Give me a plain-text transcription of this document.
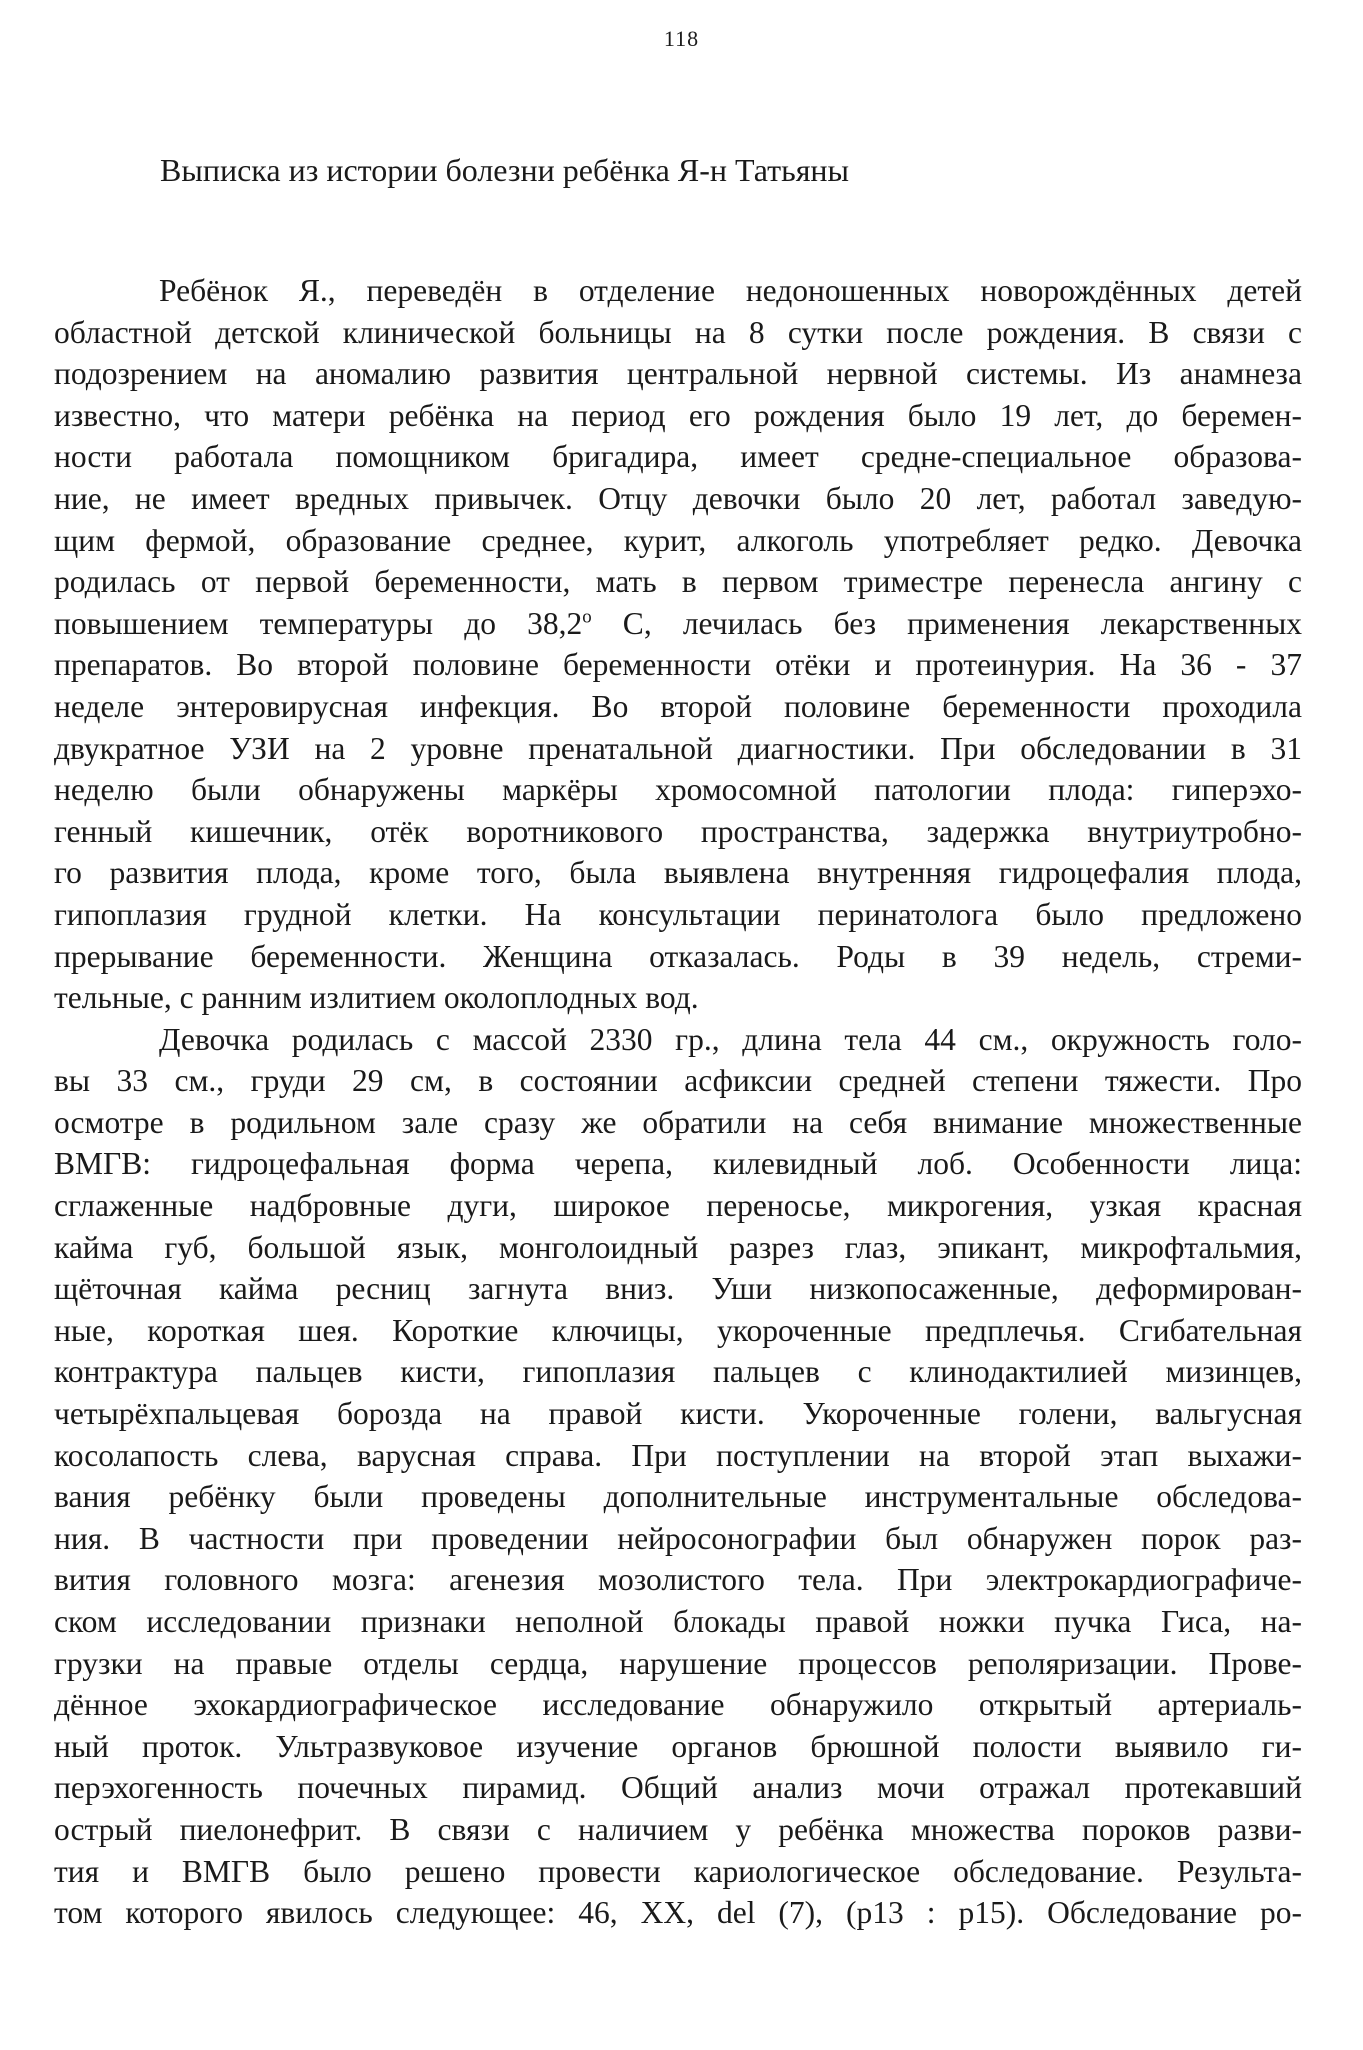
118
Выписка из истории болезни ребёнка Я-н Татьяны
Ребёнок Я., переведён в отделение недоношенных новорождённых детей
областной детской клинической больницы на 8 сутки после рождения. В связи с
подозрением на аномалию развития центральной нервной системы. Из анамнеза
известно, что матери ребёнка на период его рождения было 19 лет, до беремен-
ности работала помощником бригадира, имеет средне-специальное образова-
ние, не имеет вредных привычек. Отцу девочки было 20 лет, работал заведую-
щим фермой, образование среднее, курит, алкоголь употребляет редко. Девочка
родилась от первой беременности, мать в первом триместре перенесла ангину с
повышением температуры до 38,2$^o$ С, лечилась без применения лекарственных
препаратов. Во второй половине беременности отёки и протеинурия. На 36 - 37
неделе энтеровирусная инфекция. Во второй половине беременности проходила
двукратное УЗИ на 2 уровне пренатальной диагностики. При обследовании в 31
неделю были обнаружены маркёры хромосомной патологии плода: гиперэхо-
генный кишечник, отёк воротникового пространства, задержка внутриутробно-
го развития плода, кроме того, была выявлена внутренняя гидроцефалия плода,
гипоплазия грудной клетки. На консультации перинатолога было предложено
прерывание беременности. Женщина отказалась. Роды в 39 недель, стреми-
тельные, с ранним излитием околоплодных вод.
Девочка родилась с массой 2330 гр., длина тела 44 см., окружность голо-
вы 33 см., груди 29 см, в состоянии асфиксии средней степени тяжести. Про
осмотре в родильном зале сразу же обратили на себя внимание множественные
ВМГВ: гидроцефальная форма черепа, килевидный лоб. Особенности лица:
сглаженные надбровные дуги, широкое переносье, микрогения, узкая красная
кайма губ, большой язык, монголоидный разрез глаз, эпикант, микрофтальмия,
щёточная кайма ресниц загнута вниз. Уши низкопосаженные, деформирован-
ные, короткая шея. Короткие ключицы, укороченные предплечья. Сгибательная
контрактура пальцев кисти, гипоплазия пальцев с клинодактилией мизинцев,
четырёхпальцевая борозда на правой кисти. Укороченные голени, вальгусная
косолапость слева, варусная справа. При поступлении на второй этап выхажи-
вания ребёнку были проведены дополнительные инструментальные обследова-
ния. В частности при проведении нейросонографии был обнаружен порок раз-
вития головного мозга: агенезия мозолистого тела. При электрокардиографиче-
ском исследовании признаки неполной блокады правой ножки пучка Гиса, на-
грузки на правые отделы сердца, нарушение процессов реполяризации. Прове-
дённое эхокардиографическое исследование обнаружило открытый артериаль-
ный проток. Ультразвуковое изучение органов брюшной полости выявило ги-
перэхогенность почечных пирамид. Общий анализ мочи отражал протекавший
острый пиелонефрит. В связи с наличием у ребёнка множества пороков разви-
тия и ВМГВ было решено провести кариологическое обследование. Результа-
том которого явилось следующее: 46, XX, del (7), (p13 : p15). Обследование ро-
